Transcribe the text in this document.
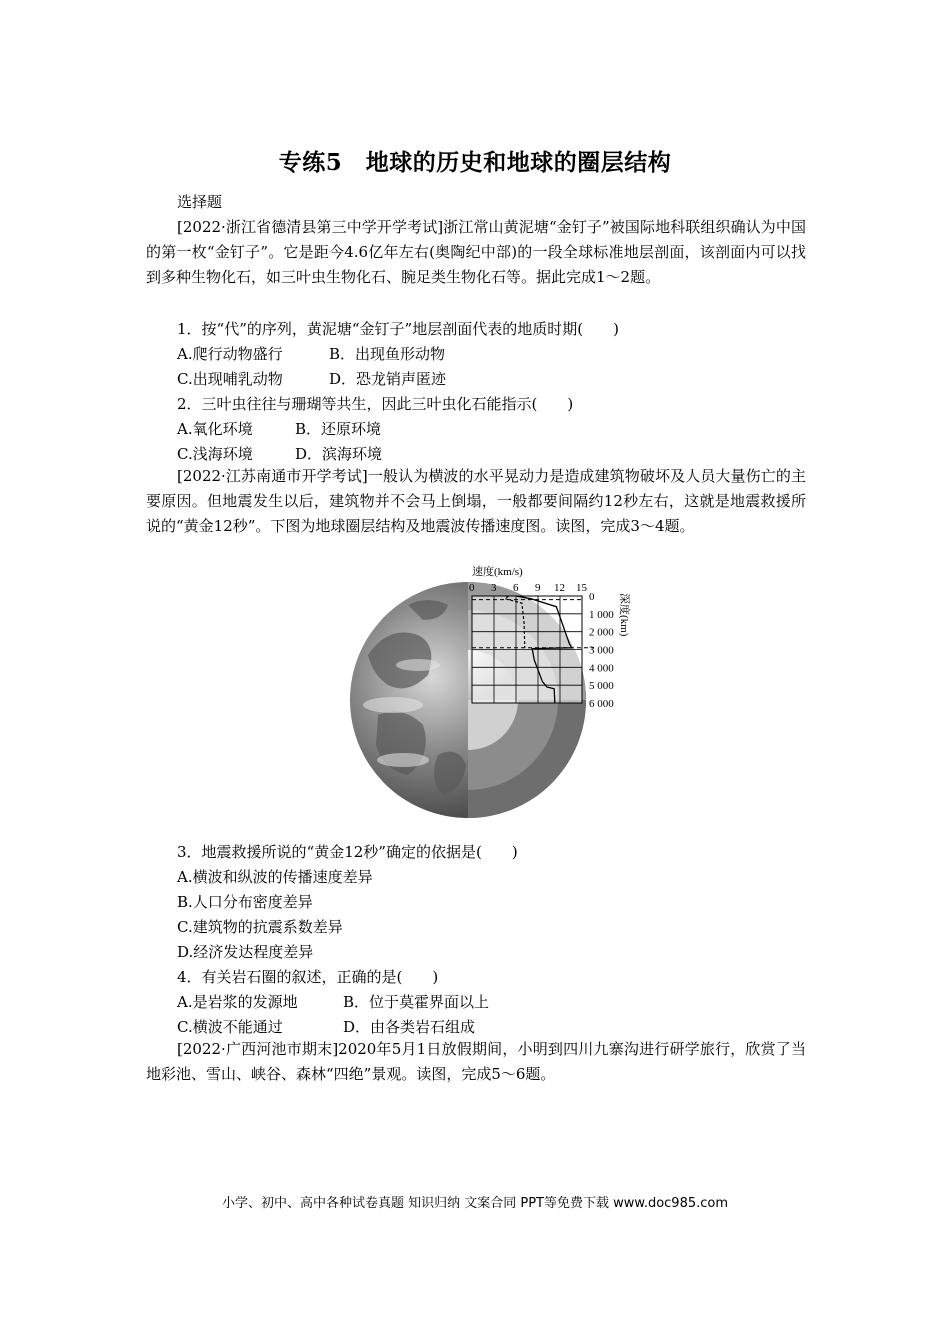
专练5　地球的历史和地球的圈层结构
选择题
[2022·浙江省德清县第三中学开学考试]浙江常山黄泥塘“金钉子”被国际地科联组织确认为中国的第一枚“金钉子”。它是距今4.6亿年左右(奥陶纪中部)的一段全球标准地层剖面，该剖面内可以找到多种生物化石，如三叶虫生物化石、腕足类生物化石等。据此完成1～2题。
1．按“代”的序列，黄泥塘“金钉子”地层剖面代表的地质时期(　　)
A.爬行动物盛行	B．出现鱼形动物
C.出现哺乳动物	D．恐龙销声匿迹
2．三叶虫往往与珊瑚等共生，因此三叶虫化石能指示(　　)
A.氧化环境	B．还原环境
C.浅海环境	D．滨海环境
[2022·江苏南通市开学考试]一般认为横波的水平晃动力是造成建筑物破坏及人员大量伤亡的主要原因。但地震发生以后，建筑物并不会马上倒塌，一般都要间隔约12秒左右，这就是地震救援所说的“黄金12秒”。下图为地球圈层结构及地震波传播速度图。读图，完成3～4题。
速度(km/s)
0 3 6 9 12 15
0
1 000
2 000
3 000
4 000
5 000
6 000
深度(km)
3．地震救援所说的“黄金12秒”确定的依据是(　　)
A.横波和纵波的传播速度差异
B.人口分布密度差异
C.建筑物的抗震系数差异
D.经济发达程度差异
4．有关岩石圈的叙述，正确的是(　　)
A.是岩浆的发源地	B．位于莫霍界面以上
C.横波不能通过	D．由各类岩石组成
[2022·广西河池市期末]2020年5月1日放假期间，小明到四川九寨沟进行研学旅行，欣赏了当地彩池、雪山、峡谷、森林“四绝”景观。读图，完成5～6题。
小学、初中、高中各种试卷真题 知识归纳 文案合同 PPT等免费下载 www.doc985.com
